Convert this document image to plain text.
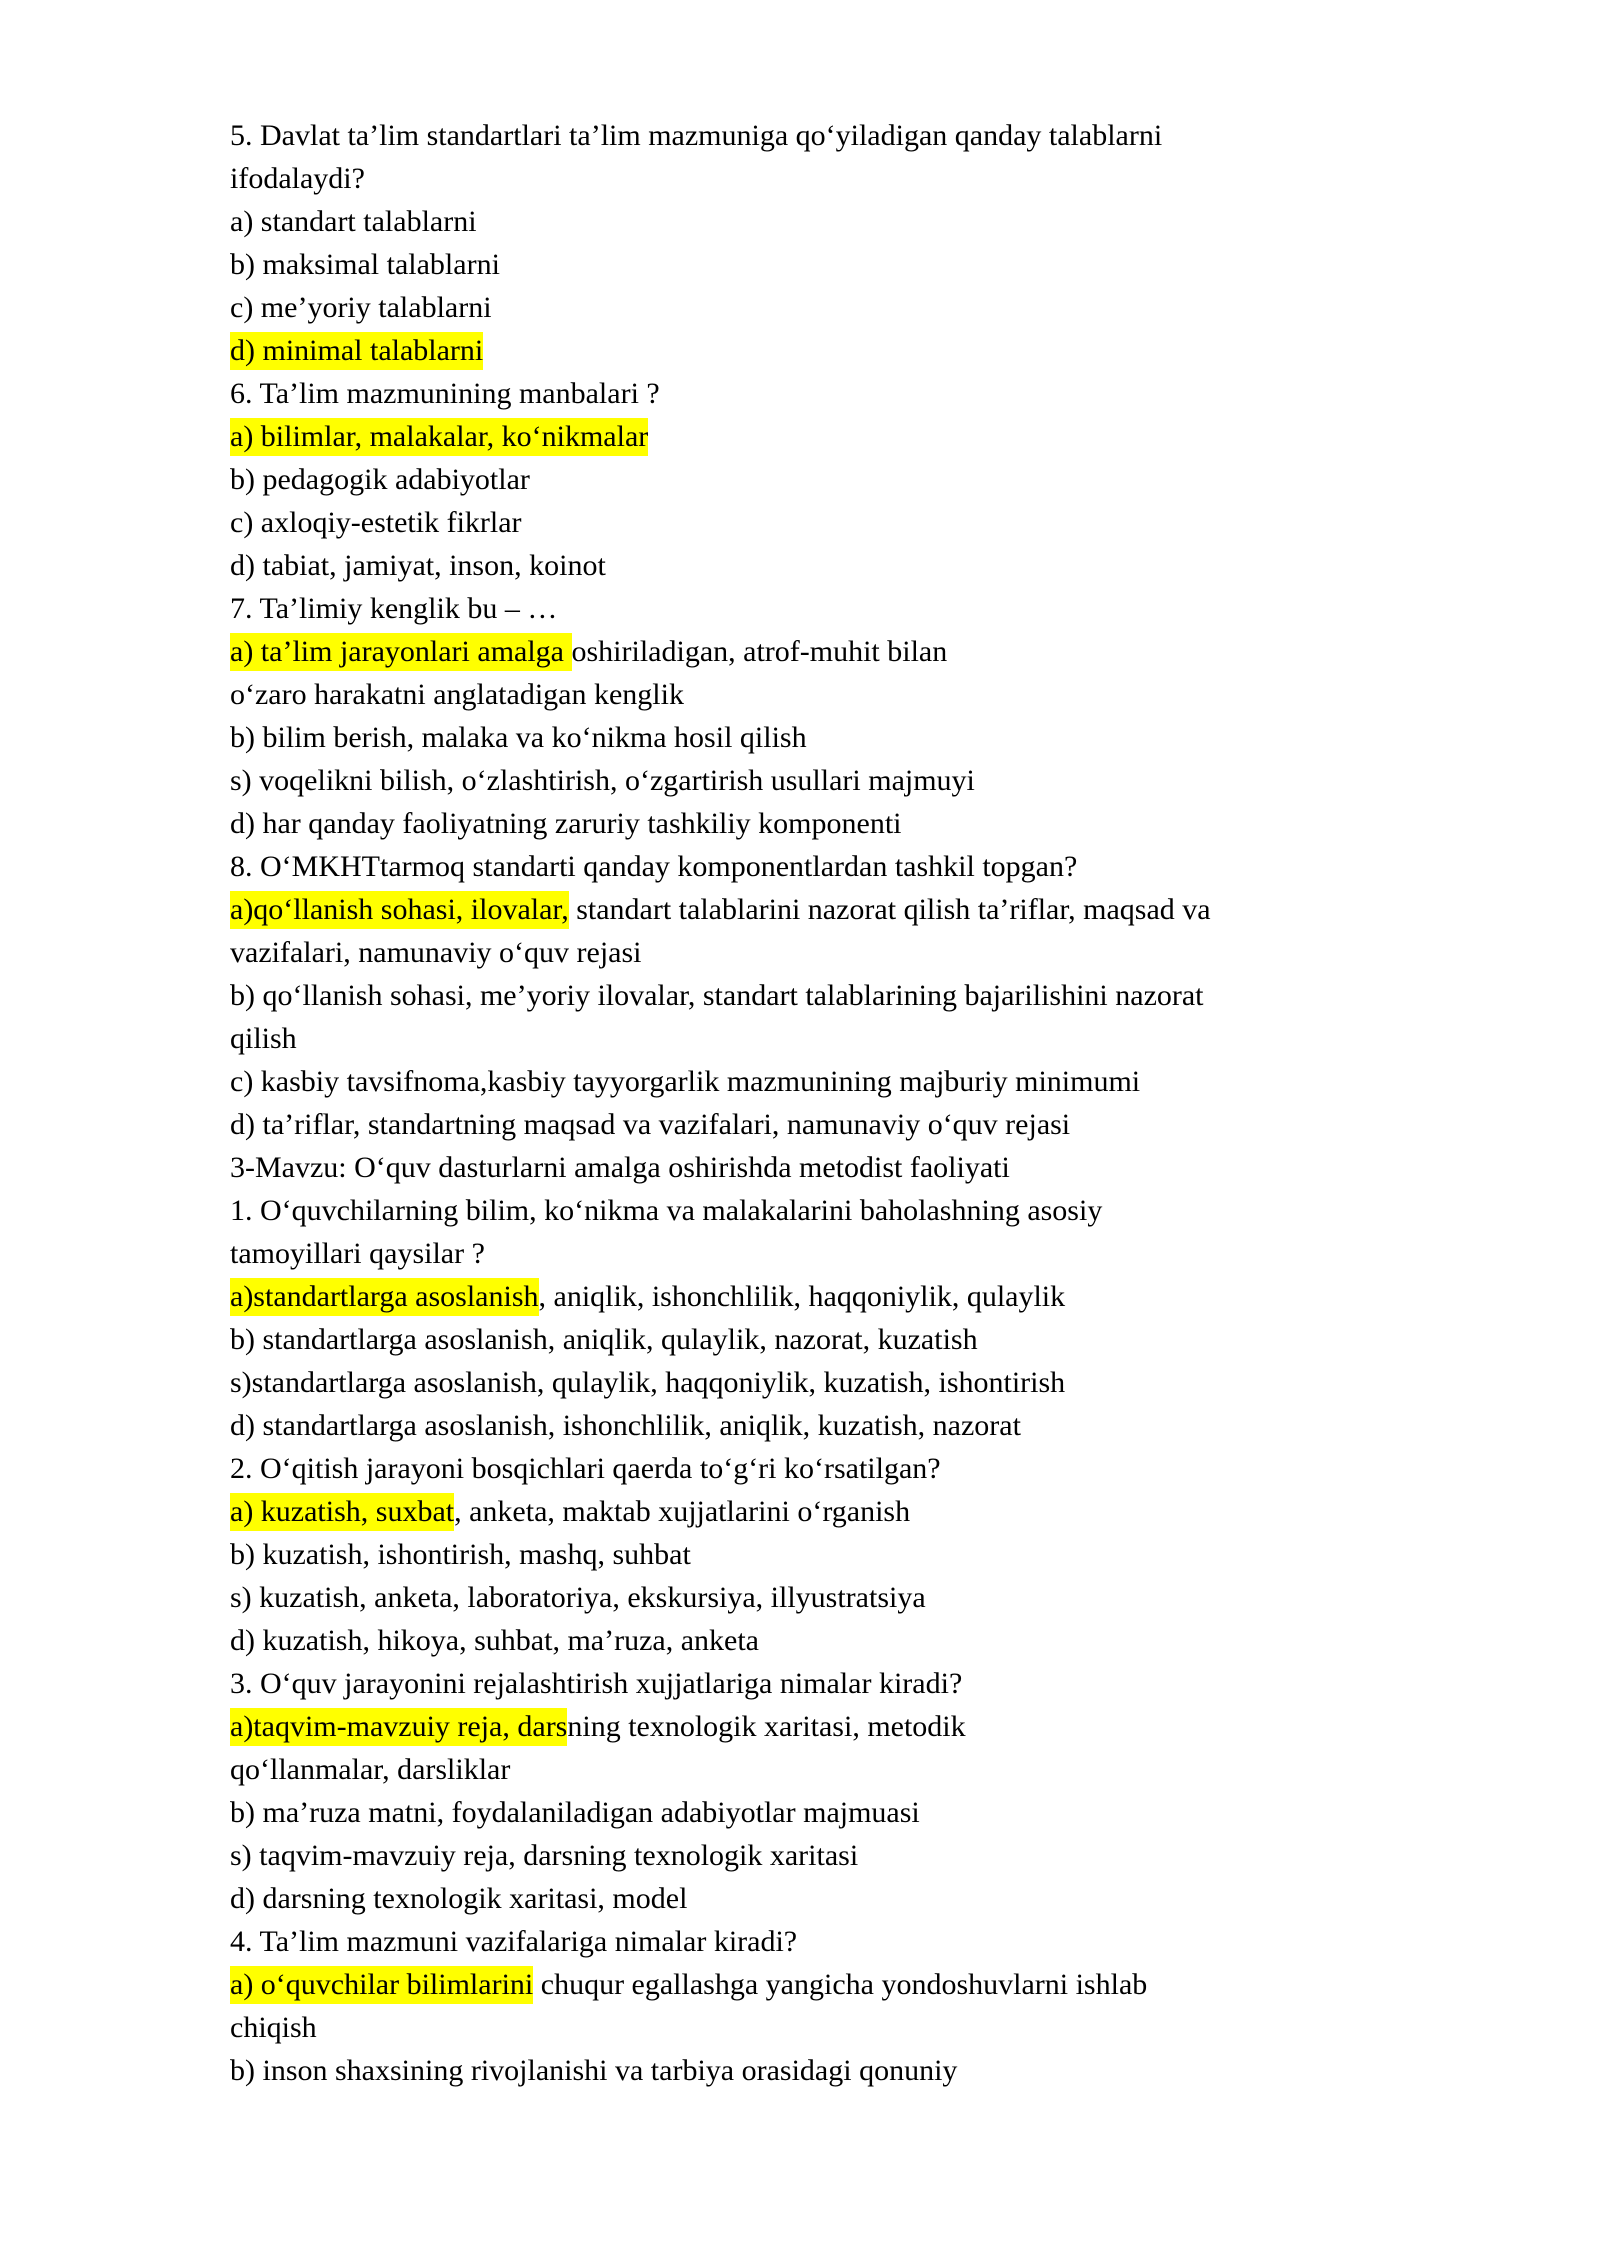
5. Davlat ta’lim standartlari ta’lim mazmuniga qoʻyiladigan qanday talablarni
ifodalaydi?
a) standart talablarni
b) maksimal talablarni
c) me’yoriy talablarni
d) minimal talablarni
6. Ta’lim mazmunining manbalari ?
a) bilimlar, malakalar, koʻnikmalar
b) pedagogik adabiyotlar
c) axloqiy-estetik fikrlar
d) tabiat, jamiyat, inson, koinot
7. Ta’limiy kenglik bu – …
a) ta’lim jarayonlari amalga oshiriladigan, atrof-muhit bilan
oʻzaro harakatni anglatadigan kenglik
b) bilim berish, malaka va koʻnikma hosil qilish
s) voqelikni bilish, oʻzlashtirish, oʻzgartirish usullari majmuyi
d) har qanday faoliyatning zaruriy tashkiliy komponenti
8. OʻMKHTtarmoq standarti qanday komponentlardan tashkil topgan?
a)qoʻllanish sohasi, ilovalar, standart talablarini nazorat qilish ta’riflar, maqsad va
vazifalari, namunaviy oʻquv rejasi
b) qoʻllanish sohasi, me’yoriy ilovalar, standart talablarining bajarilishini nazorat
qilish
c) kasbiy tavsifnoma,kasbiy tayyorgarlik mazmunining majburiy minimumi
d) ta’riflar, standartning maqsad va vazifalari, namunaviy oʻquv rejasi
3-Mavzu: Oʻquv dasturlarni amalga oshirishda metodist faoliyati
1. Oʻquvchilarning bilim, koʻnikma va malakalarini baholashning asosiy
tamoyillari qaysilar ?
a)standartlarga asoslanish, aniqlik, ishonchlilik, haqqoniylik, qulaylik
b) standartlarga asoslanish, aniqlik, qulaylik, nazorat, kuzatish
s)standartlarga asoslanish, qulaylik, haqqoniylik, kuzatish, ishontirish
d) standartlarga asoslanish, ishonchlilik, aniqlik, kuzatish, nazorat
2. Oʻqitish jarayoni bosqichlari qaerda toʻgʻri koʻrsatilgan?
a) kuzatish, suxbat, anketa, maktab xujjatlarini oʻrganish
b) kuzatish, ishontirish, mashq, suhbat
s) kuzatish, anketa, laboratoriya, ekskursiya, illyustratsiya
d) kuzatish, hikoya, suhbat, ma’ruza, anketa
3. Oʻquv jarayonini rejalashtirish xujjatlariga nimalar kiradi?
a)taqvim-mavzuiy reja, darsning texnologik xaritasi, metodik
qoʻllanmalar, darsliklar
b) ma’ruza matni, foydalaniladigan adabiyotlar majmuasi
s) taqvim-mavzuiy reja, darsning texnologik xaritasi
d) darsning texnologik xaritasi, model
4. Ta’lim mazmuni vazifalariga nimalar kiradi?
a) oʻquvchilar bilimlarini chuqur egallashga yangicha yondoshuvlarni ishlab
chiqish
b) inson shaxsining rivojlanishi va tarbiya orasidagi qonuniy
